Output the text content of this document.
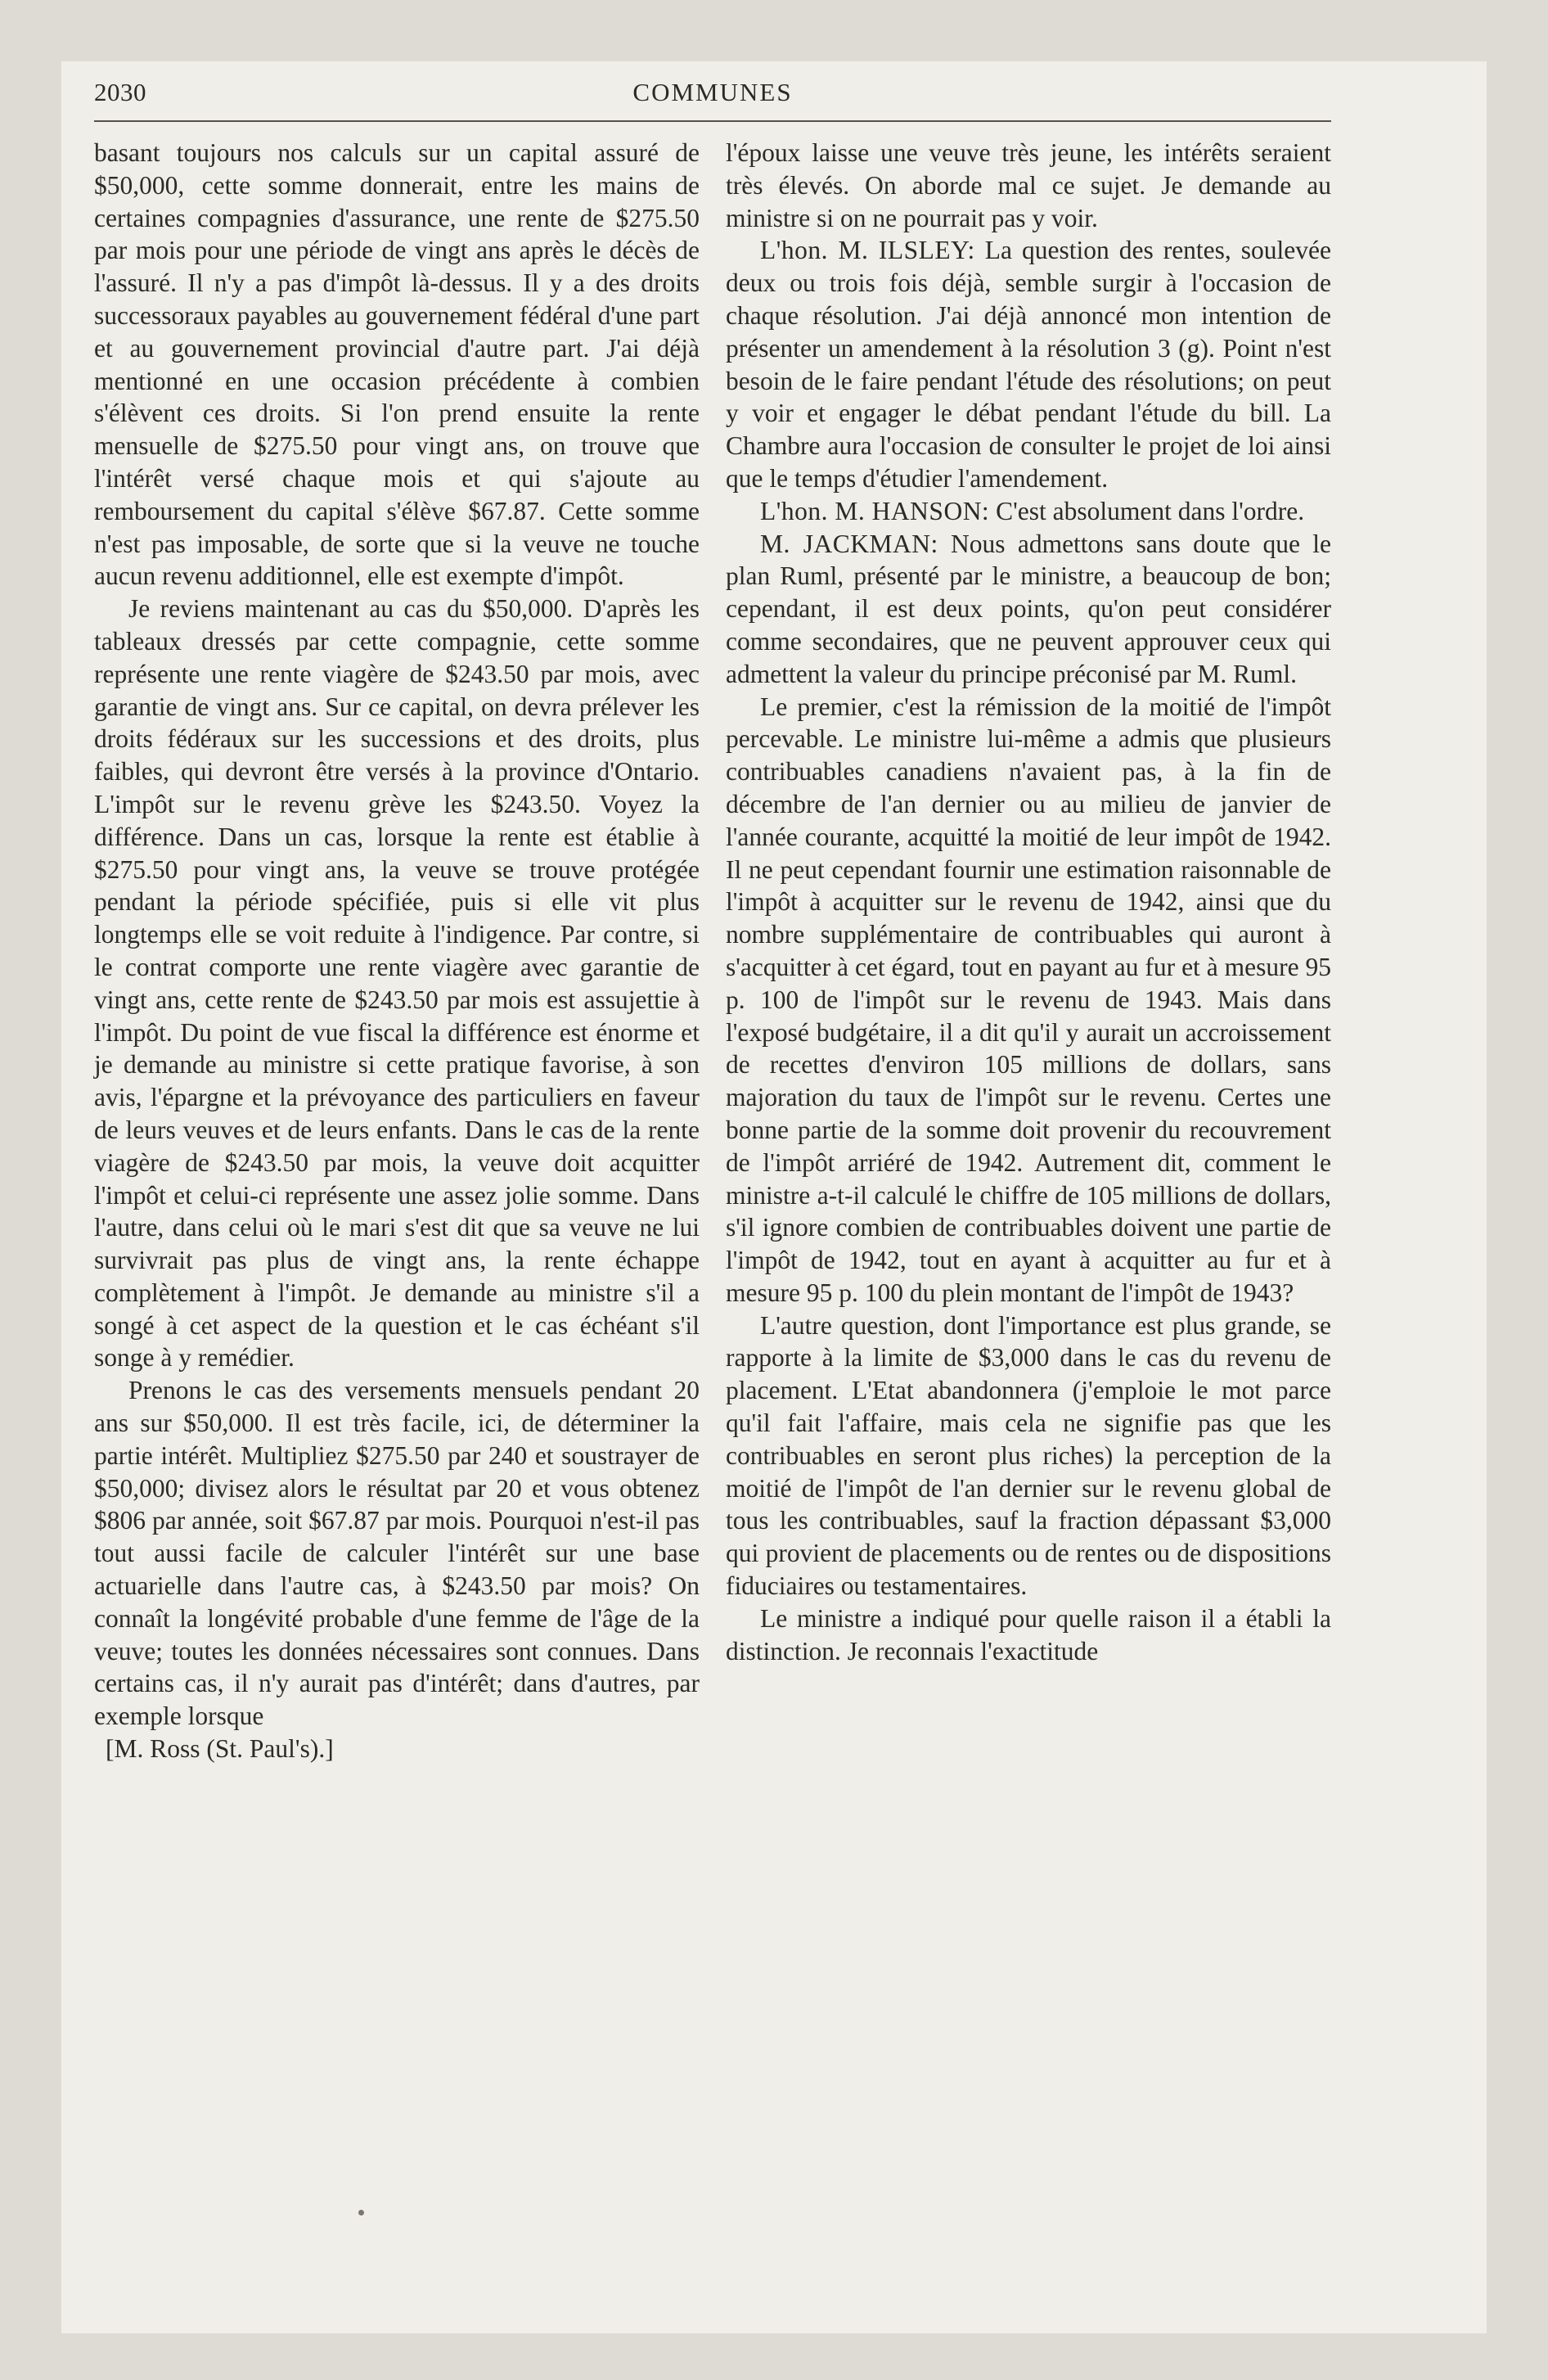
2030	COMMUNES

basant toujours nos calculs sur un capital assuré de $50,000, cette somme donnerait, entre les mains de certaines compagnies d'assurance, une rente de $275.50 par mois pour une période de vingt ans après le décès de l'assuré. Il n'y a pas d'impôt là-dessus. Il y a des droits successoraux payables au gouvernement fédéral d'une part et au gouvernement provincial d'autre part. J'ai déjà mentionné en une occasion précédente à combien s'élèvent ces droits. Si l'on prend ensuite la rente mensuelle de $275.50 pour vingt ans, on trouve que l'intérêt versé chaque mois et qui s'ajoute au remboursement du capital s'élève $67.87. Cette somme n'est pas imposable, de sorte que si la veuve ne touche aucun revenu additionnel, elle est exempte d'impôt.

Je reviens maintenant au cas du $50,000. D'après les tableaux dressés par cette compagnie, cette somme représente une rente viagère de $243.50 par mois, avec garantie de vingt ans. Sur ce capital, on devra prélever les droits fédéraux sur les successions et des droits, plus faibles, qui devront être versés à la province d'Ontario. L'impôt sur le revenu grève les $243.50. Voyez la différence. Dans un cas, lorsque la rente est établie à $275.50 pour vingt ans, la veuve se trouve protégée pendant la période spécifiée, puis si elle vit plus longtemps elle se voit reduite à l'indigence. Par contre, si le contrat comporte une rente viagère avec garantie de vingt ans, cette rente de $243.50 par mois est assujettie à l'impôt. Du point de vue fiscal la différence est énorme et je demande au ministre si cette pratique favorise, à son avis, l'épargne et la prévoyance des particuliers en faveur de leurs veuves et de leurs enfants. Dans le cas de la rente viagère de $243.50 par mois, la veuve doit acquitter l'impôt et celui-ci représente une assez jolie somme. Dans l'autre, dans celui où le mari s'est dit que sa veuve ne lui survivrait pas plus de vingt ans, la rente échappe complètement à l'impôt. Je demande au ministre s'il a songé à cet aspect de la question et le cas échéant s'il songe à y remédier.

Prenons le cas des versements mensuels pendant 20 ans sur $50,000. Il est très facile, ici, de déterminer la partie intérêt. Multipliez $275.50 par 240 et soustrayer de $50,000; divisez alors le résultat par 20 et vous obtenez $806 par année, soit $67.87 par mois. Pourquoi n'est-il pas tout aussi facile de calculer l'intérêt sur une base actuarielle dans l'autre cas, à $243.50 par mois? On connaît la longévité probable d'une femme de l'âge de la veuve; toutes les données nécessaires sont connues. Dans certains cas, il n'y aurait pas d'intérêt; dans d'autres, par exemple lorsque

[M. Ross (St. Paul's).]

l'époux laisse une veuve très jeune, les intérêts seraient très élevés. On aborde mal ce sujet. Je demande au ministre si on ne pourrait pas y voir.

L'hon. M. ILSLEY: La question des rentes, soulevée deux ou trois fois déjà, semble surgir à l'occasion de chaque résolution. J'ai déjà annoncé mon intention de présenter un amendement à la résolution 3 (g). Point n'est besoin de le faire pendant l'étude des résolutions; on peut y voir et engager le débat pendant l'étude du bill. La Chambre aura l'occasion de consulter le projet de loi ainsi que le temps d'étudier l'amendement.

L'hon. M. HANSON: C'est absolument dans l'ordre.

M. JACKMAN: Nous admettons sans doute que le plan Ruml, présenté par le ministre, a beaucoup de bon; cependant, il est deux points, qu'on peut considérer comme secondaires, que ne peuvent approuver ceux qui admettent la valeur du principe préconisé par M. Ruml.

Le premier, c'est la rémission de la moitié de l'impôt percevable. Le ministre lui-même a admis que plusieurs contribuables canadiens n'avaient pas, à la fin de décembre de l'an dernier ou au milieu de janvier de l'année courante, acquitté la moitié de leur impôt de 1942. Il ne peut cependant fournir une estimation raisonnable de l'impôt à acquitter sur le revenu de 1942, ainsi que du nombre supplémentaire de contribuables qui auront à s'acquitter à cet égard, tout en payant au fur et à mesure 95 p. 100 de l'impôt sur le revenu de 1943. Mais dans l'exposé budgétaire, il a dit qu'il y aurait un accroissement de recettes d'environ 105 millions de dollars, sans majoration du taux de l'impôt sur le revenu. Certes une bonne partie de la somme doit provenir du recouvrement de l'impôt arriéré de 1942. Autrement dit, comment le ministre a-t-il calculé le chiffre de 105 millions de dollars, s'il ignore combien de contribuables doivent une partie de l'impôt de 1942, tout en ayant à acquitter au fur et à mesure 95 p. 100 du plein montant de l'impôt de 1943?

L'autre question, dont l'importance est plus grande, se rapporte à la limite de $3,000 dans le cas du revenu de placement. L'Etat abandonnera (j'emploie le mot parce qu'il fait l'affaire, mais cela ne signifie pas que les contribuables en seront plus riches) la perception de la moitié de l'impôt de l'an dernier sur le revenu global de tous les contribuables, sauf la fraction dépassant $3,000 qui provient de placements ou de rentes ou de dispositions fiduciaires ou testamentaires.

Le ministre a indiqué pour quelle raison il a établi la distinction. Je reconnais l'exactitude
